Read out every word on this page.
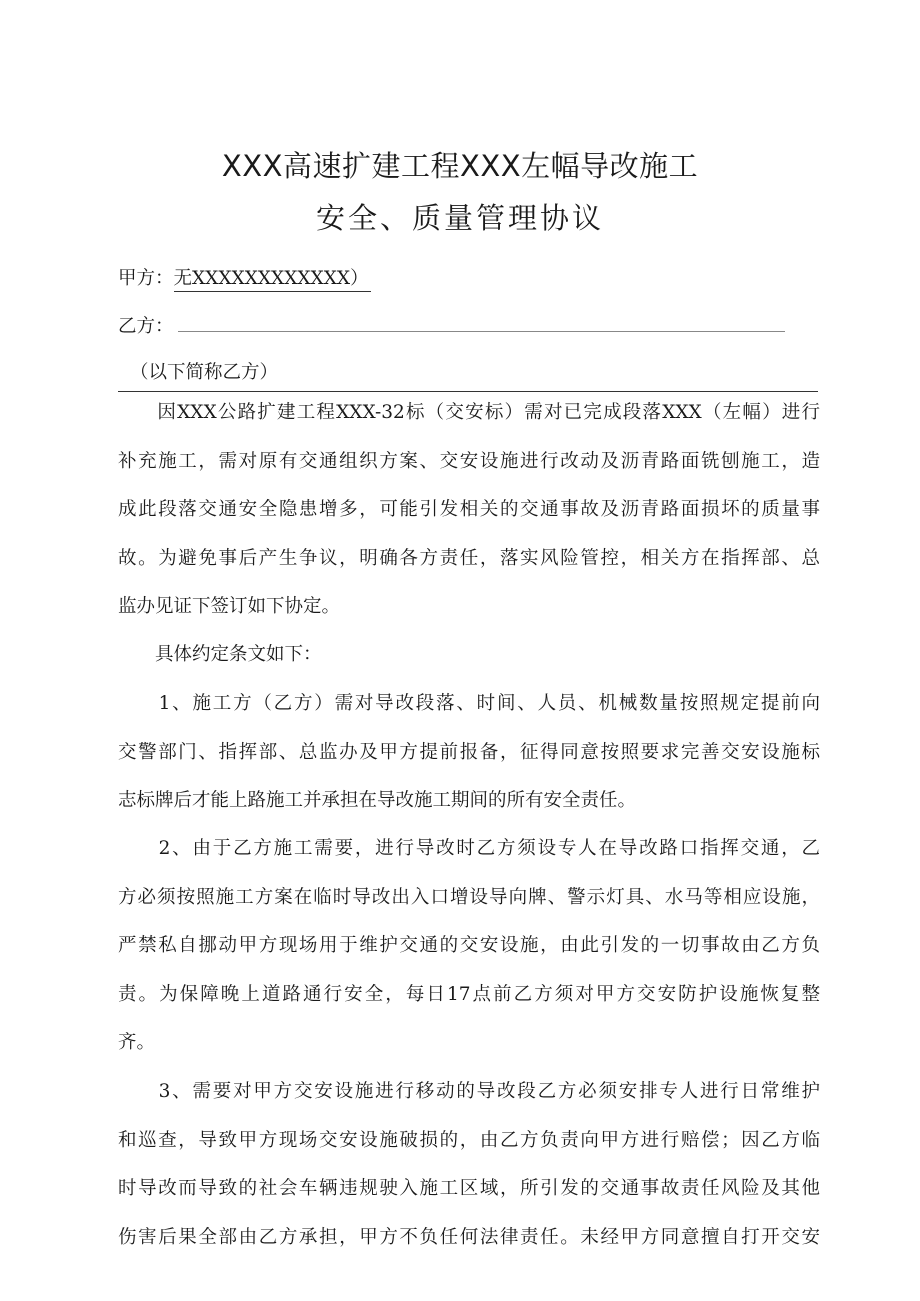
XXX高速扩建工程XXX左幅导改施工
安全、质量管理协议
甲方：无XXXXXXXXXXXX）
乙方：
（以下简称乙方）
　　因XXX公路扩建工程XXX-32标（交安标）需对已完成段落XXX（左幅）进行
补充施工，需对原有交通组织方案、交安设施进行改动及沥青路面铣刨施工，造
成此段落交通安全隐患增多，可能引发相关的交通事故及沥青路面损坏的质量事
故。为避免事后产生争议，明确各方责任，落实风险管控，相关方在指挥部、总
监办见证下签订如下协定。
　　具体约定条文如下：
　　1、施工方（乙方）需对导改段落、时间、人员、机械数量按照规定提前向
交警部门、指挥部、总监办及甲方提前报备，征得同意按照要求完善交安设施标
志标牌后才能上路施工并承担在导改施工期间的所有安全责任。
　　2、由于乙方施工需要，进行导改时乙方须设专人在导改路口指挥交通，乙
方必须按照施工方案在临时导改出入口增设导向牌、警示灯具、水马等相应设施，
严禁私自挪动甲方现场用于维护交通的交安设施，由此引发的一切事故由乙方负
责。为保障晚上道路通行安全，每日17点前乙方须对甲方交安防护设施恢复整
齐。
　　3、需要对甲方交安设施进行移动的导改段乙方必须安排专人进行日常维护
和巡查，导致甲方现场交安设施破损的，由乙方负责向甲方进行赔偿；因乙方临
时导改而导致的社会车辆违规驶入施工区域，所引发的交通事故责任风险及其他
伤害后果全部由乙方承担，甲方不负任何法律责任。未经甲方同意擅自打开交安
